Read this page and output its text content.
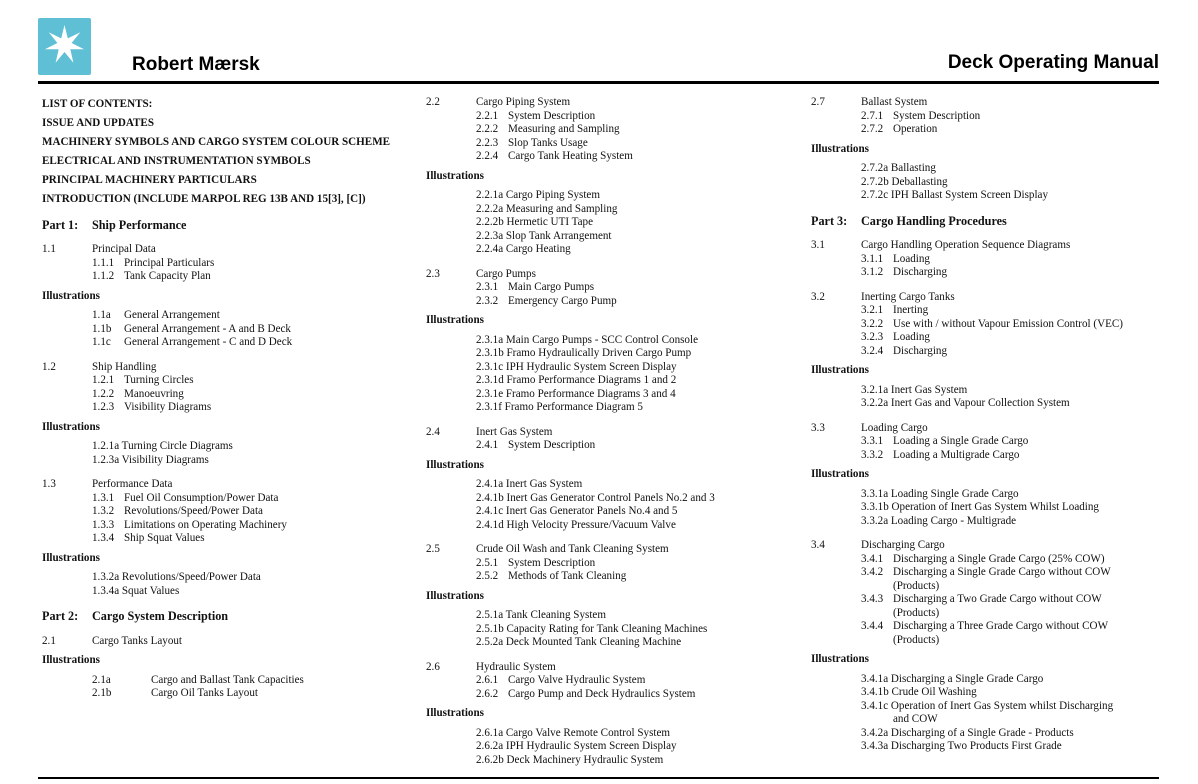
Robert Mærsk	Deck Operating Manual
LIST OF CONTENTS:
ISSUE AND UPDATES
MACHINERY SYMBOLS AND CARGO SYSTEM COLOUR SCHEME
ELECTRICAL AND INSTRUMENTATION SYMBOLS
PRINCIPAL MACHINERY PARTICULARS
INTRODUCTION (INCLUDE MARPOL REG 13B AND 15[3], [C])
Part 1:	Ship Performance
1.1	Principal Data
1.1.1 Principal Particulars
1.1.2 Tank Capacity Plan
Illustrations
1.1a	General Arrangement
1.1b	General Arrangement - A and B Deck
1.1c	General Arrangement - C and D Deck
1.2	Ship Handling
1.2.1 Turning Circles
1.2.2 Manoeuvring
1.2.3 Visibility Diagrams
Illustrations
1.2.1a Turning Circle Diagrams
1.2.3a Visibility Diagrams
1.3	Performance Data
1.3.1 Fuel Oil Consumption/Power Data
1.3.2 Revolutions/Speed/Power Data
1.3.3 Limitations on Operating Machinery
1.3.4 Ship Squat Values
Illustrations
1.3.2a Revolutions/Speed/Power Data
1.3.4a Squat Values
Part 2:	Cargo System Description
2.1	Cargo Tanks Layout
Illustrations
2.1a	Cargo and Ballast Tank Capacities
2.1b	Cargo Oil Tanks Layout
2.2	Cargo Piping System
2.2.1 System Description
2.2.2 Measuring and Sampling
2.2.3 Slop Tanks Usage
2.2.4 Cargo Tank Heating System
Illustrations
2.2.1a Cargo Piping System
2.2.2a Measuring and Sampling
2.2.2b Hermetic UTI Tape
2.2.3a Slop Tank Arrangement
2.2.4a Cargo Heating
2.3	Cargo Pumps
2.3.1 Main Cargo Pumps
2.3.2 Emergency Cargo Pump
Illustrations
2.3.1a Main Cargo Pumps - SCC Control Console
2.3.1b Framo Hydraulically Driven Cargo Pump
2.3.1c IPH Hydraulic System Screen Display
2.3.1d Framo Performance Diagrams 1 and 2
2.3.1e Framo Performance Diagrams 3 and 4
2.3.1f Framo Performance Diagram 5
2.4	Inert Gas System
2.4.1 System Description
Illustrations
2.4.1a Inert Gas System
2.4.1b Inert Gas Generator Control Panels No.2 and 3
2.4.1c Inert Gas Generator Panels No.4 and 5
2.4.1d High Velocity Pressure/Vacuum Valve
2.5	Crude Oil Wash and Tank Cleaning System
2.5.1 System Description
2.5.2 Methods of Tank Cleaning
Illustrations
2.5.1a Tank Cleaning System
2.5.1b Capacity Rating for Tank Cleaning Machines
2.5.2a Deck Mounted Tank Cleaning Machine
2.6	Hydraulic System
2.6.1 Cargo Valve Hydraulic System
2.6.2 Cargo Pump and Deck Hydraulics System
Illustrations
2.6.1a Cargo Valve Remote Control System
2.6.2a IPH Hydraulic System Screen Display
2.6.2b Deck Machinery Hydraulic System
2.7	Ballast System
2.7.1 System Description
2.7.2 Operation
Illustrations
2.7.2a Ballasting
2.7.2b Deballasting
2.7.2c IPH Ballast System Screen Display
Part 3:	Cargo Handling Procedures
3.1	Cargo Handling Operation Sequence Diagrams
3.1.1 Loading
3.1.2 Discharging
3.2	Inerting Cargo Tanks
3.2.1 Inerting
3.2.2 Use with / without Vapour Emission Control (VEC)
3.2.3 Loading
3.2.4 Discharging
Illustrations
3.2.1a Inert Gas System
3.2.2a Inert Gas and Vapour Collection System
3.3	Loading Cargo
3.3.1 Loading a Single Grade Cargo
3.3.2 Loading a Multigrade Cargo
Illustrations
3.3.1a Loading Single Grade Cargo
3.3.1b Operation of Inert Gas System Whilst Loading
3.3.2a Loading Cargo - Multigrade
3.4	Discharging Cargo
3.4.1 Discharging a Single Grade Cargo (25% COW)
3.4.2 Discharging a Single Grade Cargo without COW
(Products)
3.4.3 Discharging a Two Grade Cargo without COW
(Products)
3.4.4 Discharging a Three Grade Cargo without COW
(Products)
Illustrations
3.4.1a Discharging a Single Grade Cargo
3.4.1b Crude Oil Washing
3.4.1c Operation of Inert Gas System whilst Discharging
and COW
3.4.2a Discharging of a Single Grade - Products
3.4.3a Discharging Two Products First Grade
